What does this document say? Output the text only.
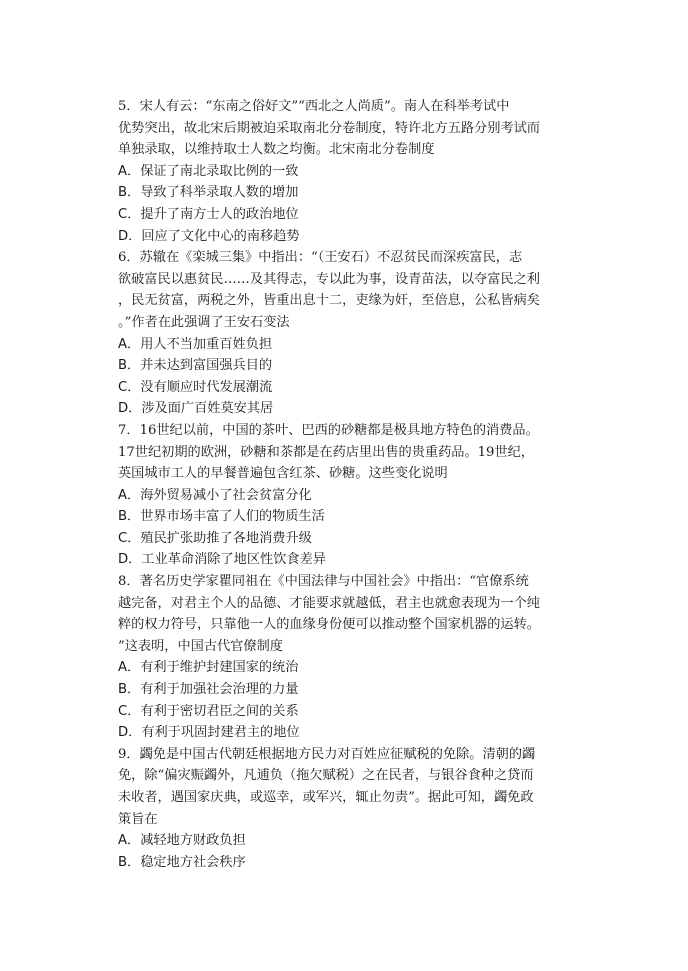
5．宋人有云：“东南之俗好文”“西北之人尚质”。南人在科举考试中
优势突出，故北宋后期被迫采取南北分卷制度，特许北方五路分别考试而
单独录取，以维持取士人数之均衡。北宋南北分卷制度
A．保证了南北录取比例的一致
B．导致了科举录取人数的增加
C．提升了南方士人的政治地位
D．回应了文化中心的南移趋势
6．苏辙在《栾城三集》中指出：“（王安石）不忍贫民而深疾富民，志
欲破富民以惠贫民……及其得志，专以此为事，设青苗法，以夺富民之利
，民无贫富，两税之外，皆重出息十二，吏缘为奸，至倍息，公私皆病矣
。”作者在此强调了王安石变法
A．用人不当加重百姓负担
B．并未达到富国强兵目的
C．没有顺应时代发展潮流
D．涉及面广百姓莫安其居
7．16世纪以前，中国的茶叶、巴西的砂糖都是极具地方特色的消费品。
17世纪初期的欧洲，砂糖和茶都是在药店里出售的贵重药品。19世纪，
英国城市工人的早餐普遍包含红茶、砂糖。这些变化说明
A．海外贸易减小了社会贫富分化
B．世界市场丰富了人们的物质生活
C．殖民扩张助推了各地消费升级
D．工业革命消除了地区性饮食差异
8．著名历史学家瞿同祖在《中国法律与中国社会》中指出：“官僚系统
越完备，对君主个人的品德、才能要求就越低，君主也就愈表现为一个纯
粹的权力符号，只靠他一人的血缘身份便可以推动整个国家机器的运转。
”这表明，中国古代官僚制度
A．有利于维护封建国家的统治
B．有利于加强社会治理的力量
C．有利于密切君臣之间的关系
D．有利于巩固封建君主的地位
9．蠲免是中国古代朝廷根据地方民力对百姓应征赋税的免除。清朝的蠲
免，除“偏灾赈蠲外，凡逋负（拖欠赋税）之在民者，与银谷食种之贷而
未收者，遇国家庆典，或巡幸，或军兴，辄止勿责”。据此可知，蠲免政
策旨在
A．减轻地方财政负担
B．稳定地方社会秩序
